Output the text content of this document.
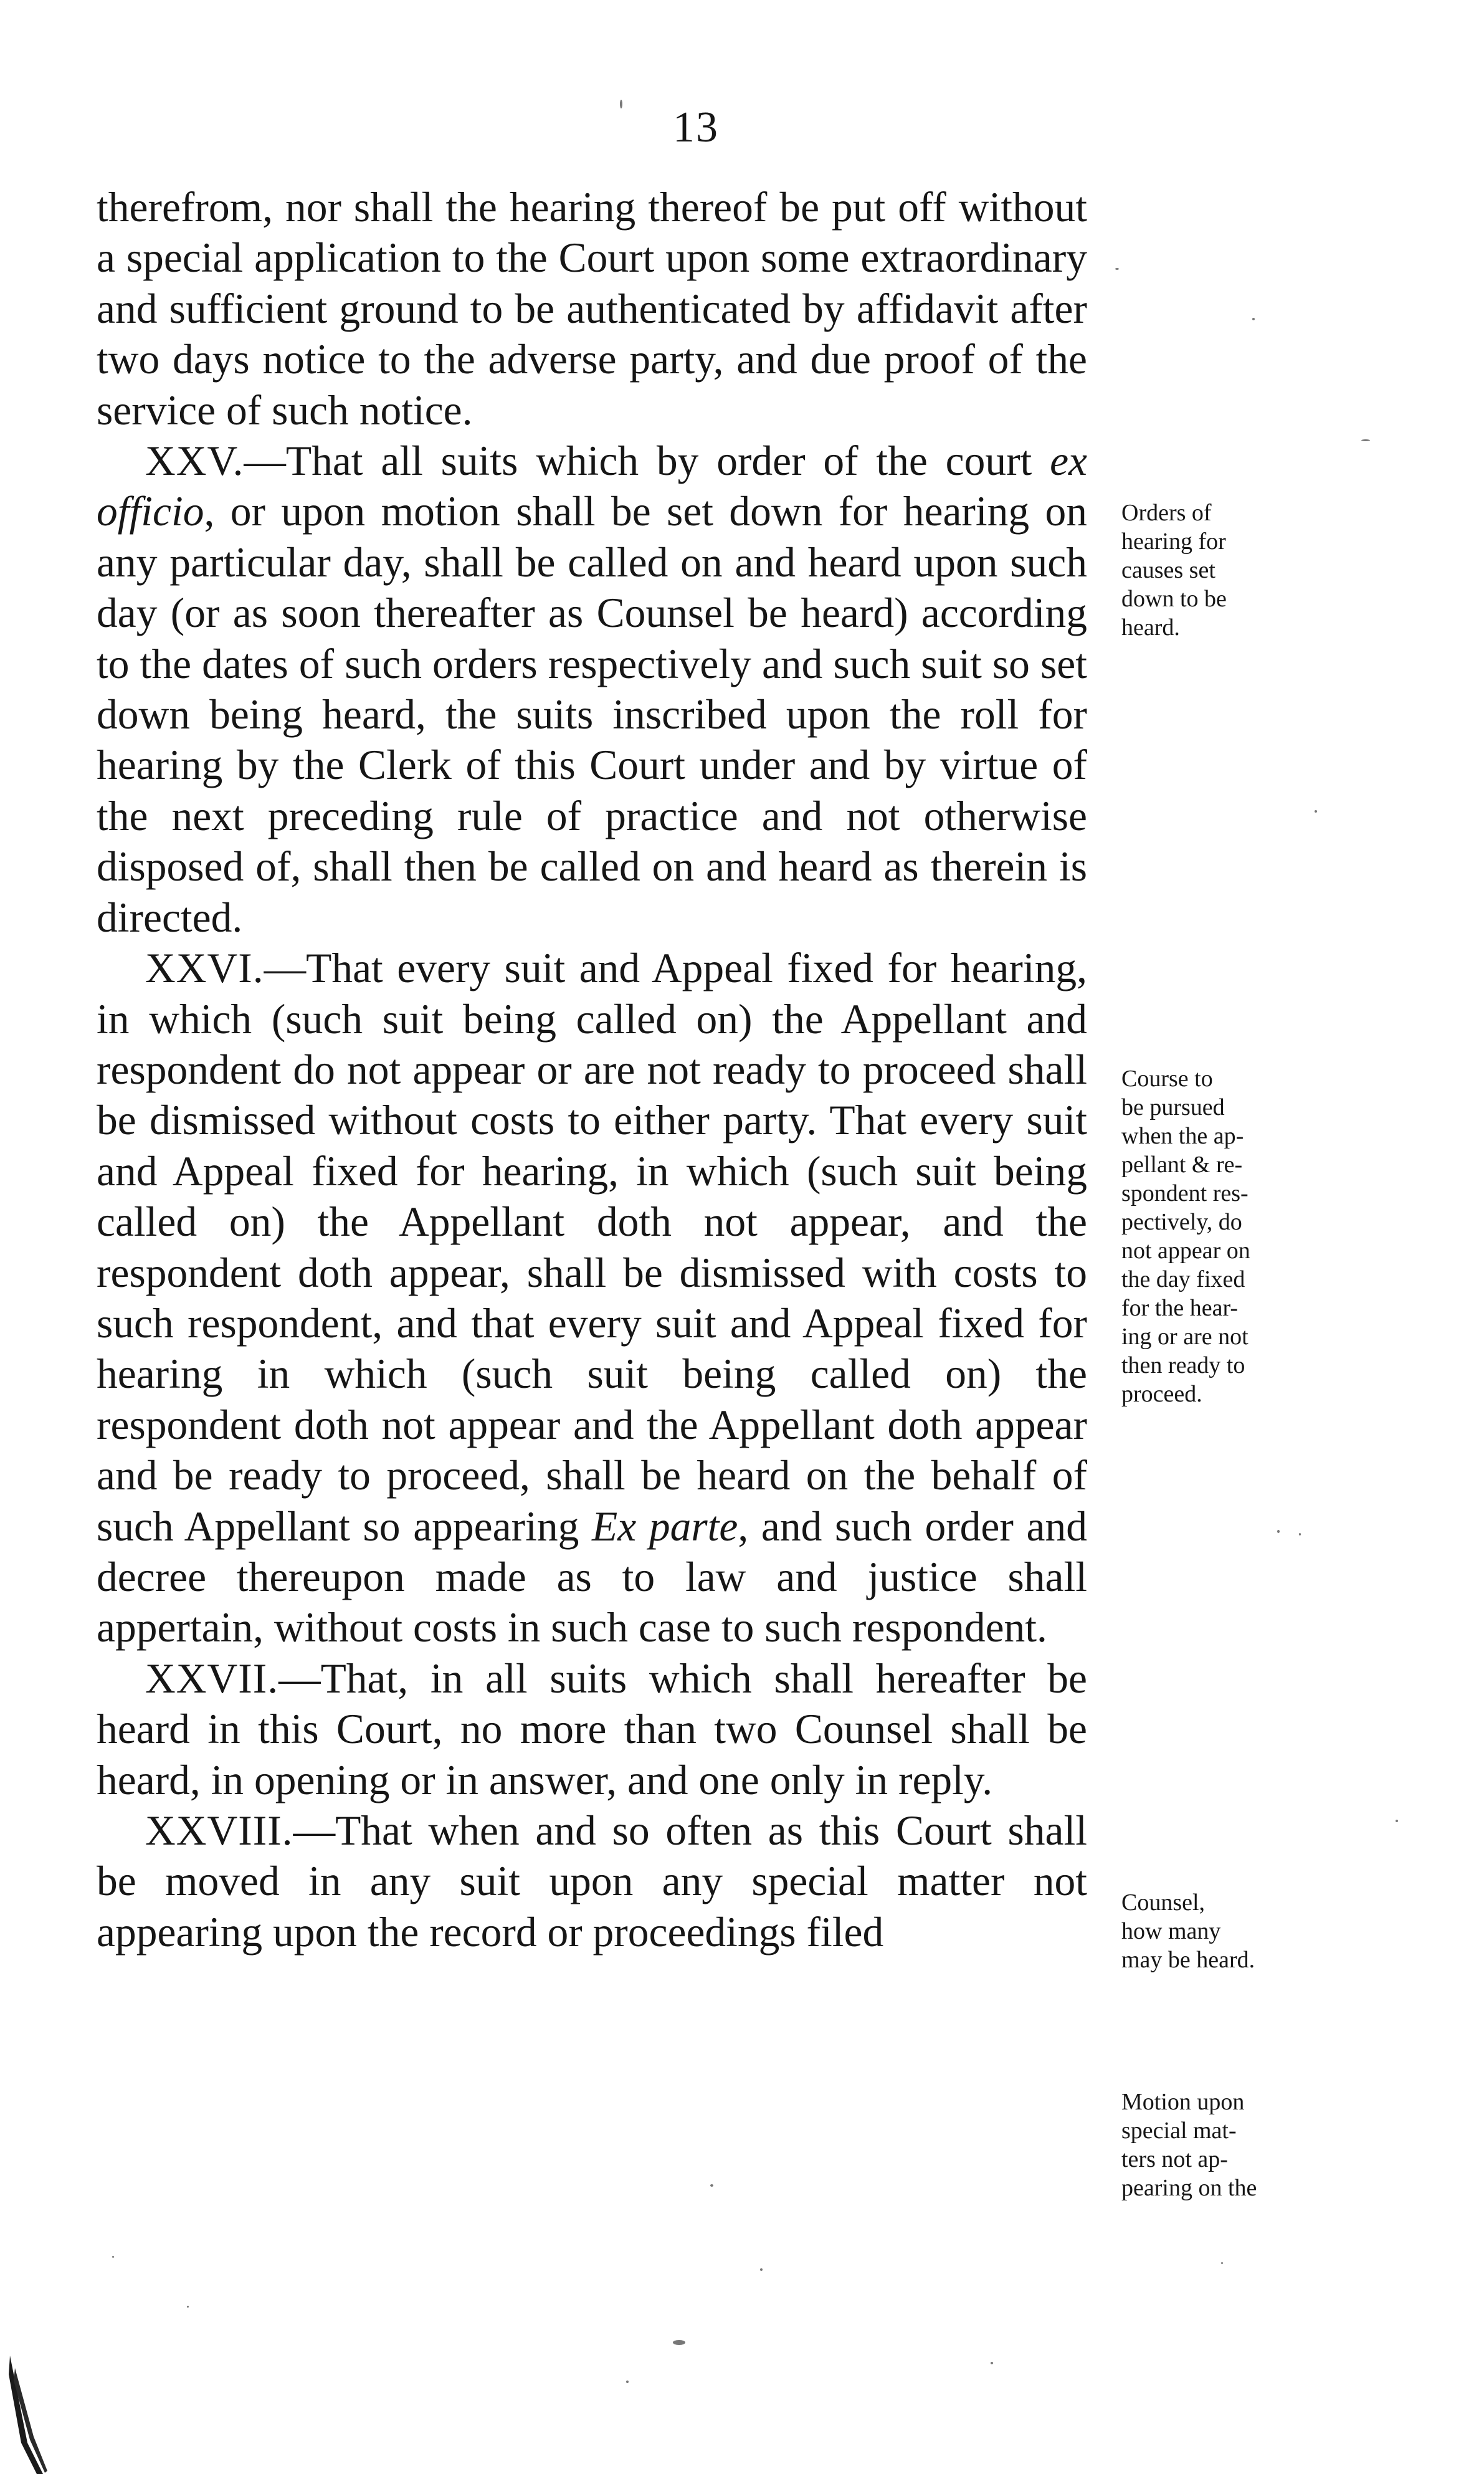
13

therefrom, nor shall the hearing thereof be put off without a special application to the Court upon some extraordinary and sufficient ground to be authenticated by affidavit after two days notice to the adverse party, and due proof of the service of such notice.

XXV.—That all suits which by order of the court ex officio, or upon motion shall be set down for hearing on any particular day, shall be called on and heard upon such day (or as soon thereafter as Counsel be heard) according to the dates of such orders respectively and such suit so set down being heard, the suits inscribed upon the roll for hearing by the Clerk of this Court under and by virtue of the next preceding rule of practice and not otherwise disposed of, shall then be called on and heard as therein is directed.

XXVI.—That every suit and Appeal fixed for hearing, in which (such suit being called on) the Appellant and respondent do not appear or are not ready to proceed shall be dismissed without costs to either party. That every suit and Appeal fixed for hearing, in which (such suit being called on) the Appellant doth not appear, and the respondent doth appear, shall be dismissed with costs to such respondent, and that every suit and Appeal fixed for hearing in which (such suit being called on) the respondent doth not appear and the Appellant doth appear and be ready to proceed, shall be heard on the behalf of such Appellant so appearing Ex parte, and such order and decree thereupon made as to law and justice shall appertain, without costs in such case to such respondent.

XXVII.—That, in all suits which shall hereafter be heard in this Court, no more than two Counsel shall be heard, in opening or in answer, and one only in reply.

XXVIII.—That when and so often as this Court shall be moved in any suit upon any special matter not appearing upon the record or proceedings filed

Orders of
hearing for
causes set
down to be
heard.
Course to
be pursued
when the ap-
pellant & re-
spondent res-
pectively, do
not appear on
the day fixed
for the hear-
ing or are not
then ready to
proceed.
Counsel,
how many
may be heard.
Motion upon
special mat-
ters not ap-
pearing on the
